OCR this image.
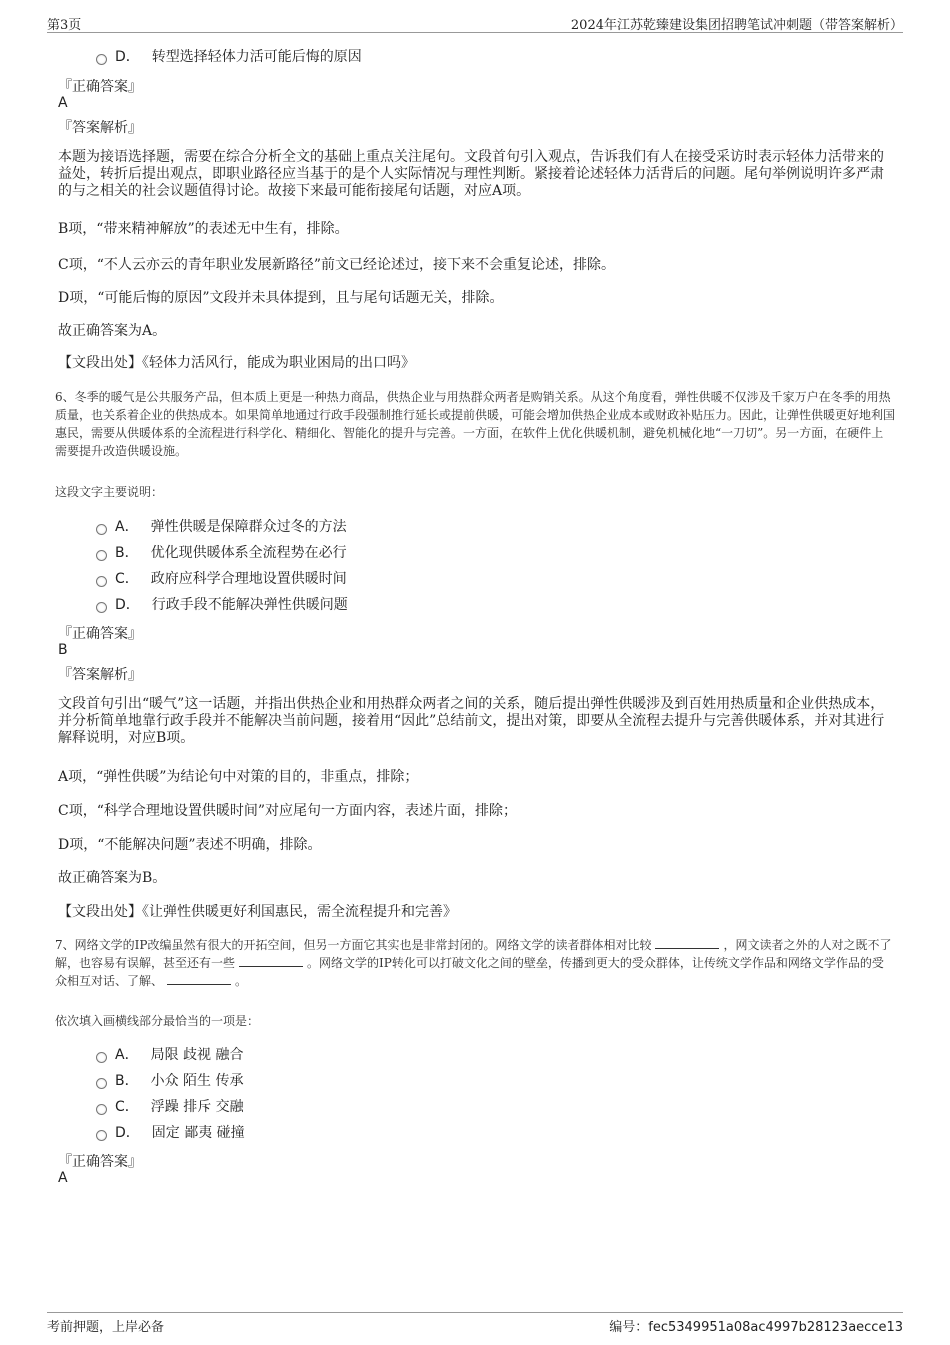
第3页	2024年江苏乾臻建设集团招聘笔试冲刺题（带答案解析）
D． 转型选择轻体力活可能后悔的原因
『正确答案』
A
『答案解析』
本题为接语选择题，需要在综合分析全文的基础上重点关注尾句。文段首句引入观点，告诉我们有人在接受采访时表示轻体力活带来的益处，转折后提出观点，即职业路径应当基于的是个人实际情况与理性判断。紧接着论述轻体力活背后的问题。尾句举例说明许多严肃的与之相关的社会议题值得讨论。故接下来最可能衔接尾句话题，对应A项。
B项，“带来精神解放”的表述无中生有，排除。
C项，“不人云亦云的青年职业发展新路径”前文已经论述过，接下来不会重复论述，排除。
D项，“可能后悔的原因”文段并未具体提到，且与尾句话题无关，排除。
故正确答案为A。
【文段出处】《轻体力活风行，能成为职业困局的出口吗》
6、冬季的暖气是公共服务产品，但本质上更是一种热力商品，供热企业与用热群众两者是购销关系。从这个角度看，弹性供暖不仅涉及千家万户在冬季的用热质量，也关系着企业的供热成本。如果简单地通过行政手段强制推行延长或提前供暖，可能会增加供热企业成本或财政补贴压力。因此，让弹性供暖更好地利国惠民，需要从供暖体系的全流程进行科学化、精细化、智能化的提升与完善。一方面，在软件上优化供暖机制，避免机械化地“一刀切”。另一方面，在硬件上需要提升改造供暖设施。
这段文字主要说明：
A． 弹性供暖是保障群众过冬的方法
B． 优化现供暖体系全流程势在必行
C． 政府应科学合理地设置供暖时间
D． 行政手段不能解决弹性供暖问题
『正确答案』
B
『答案解析』
文段首句引出“暖气”这一话题，并指出供热企业和用热群众两者之间的关系，随后提出弹性供暖涉及到百姓用热质量和企业供热成本，并分析简单地靠行政手段并不能解决当前问题，接着用“因此”总结前文，提出对策，即要从全流程去提升与完善供暖体系，并对其进行解释说明，对应B项。
A项，“弹性供暖”为结论句中对策的目的，非重点，排除；
C项，“科学合理地设置供暖时间”对应尾句一方面内容，表述片面，排除；
D项，“不能解决问题”表述不明确，排除。
故正确答案为B。
【文段出处】《让弹性供暖更好利国惠民，需全流程提升和完善》
7、网络文学的IP改编虽然有很大的开拓空间，但另一方面它其实也是非常封闭的。网络文学的读者群体相对比较	，网文读者之外的人对之既不了解，也容易有误解，甚至还有一些	。网络文学的IP转化可以打破文化之间的壁垒，传播到更大的受众群体，让传统文学作品和网络文学作品的受众相互对话、了解、	。
依次填入画横线部分最恰当的一项是：
A． 局限 歧视 融合
B． 小众 陌生 传承
C． 浮躁 排斥 交融
D． 固定 鄙夷 碰撞
『正确答案』
A
考前押题，上岸必备	编号：fec5349951a08ac4997b28123aecce13
